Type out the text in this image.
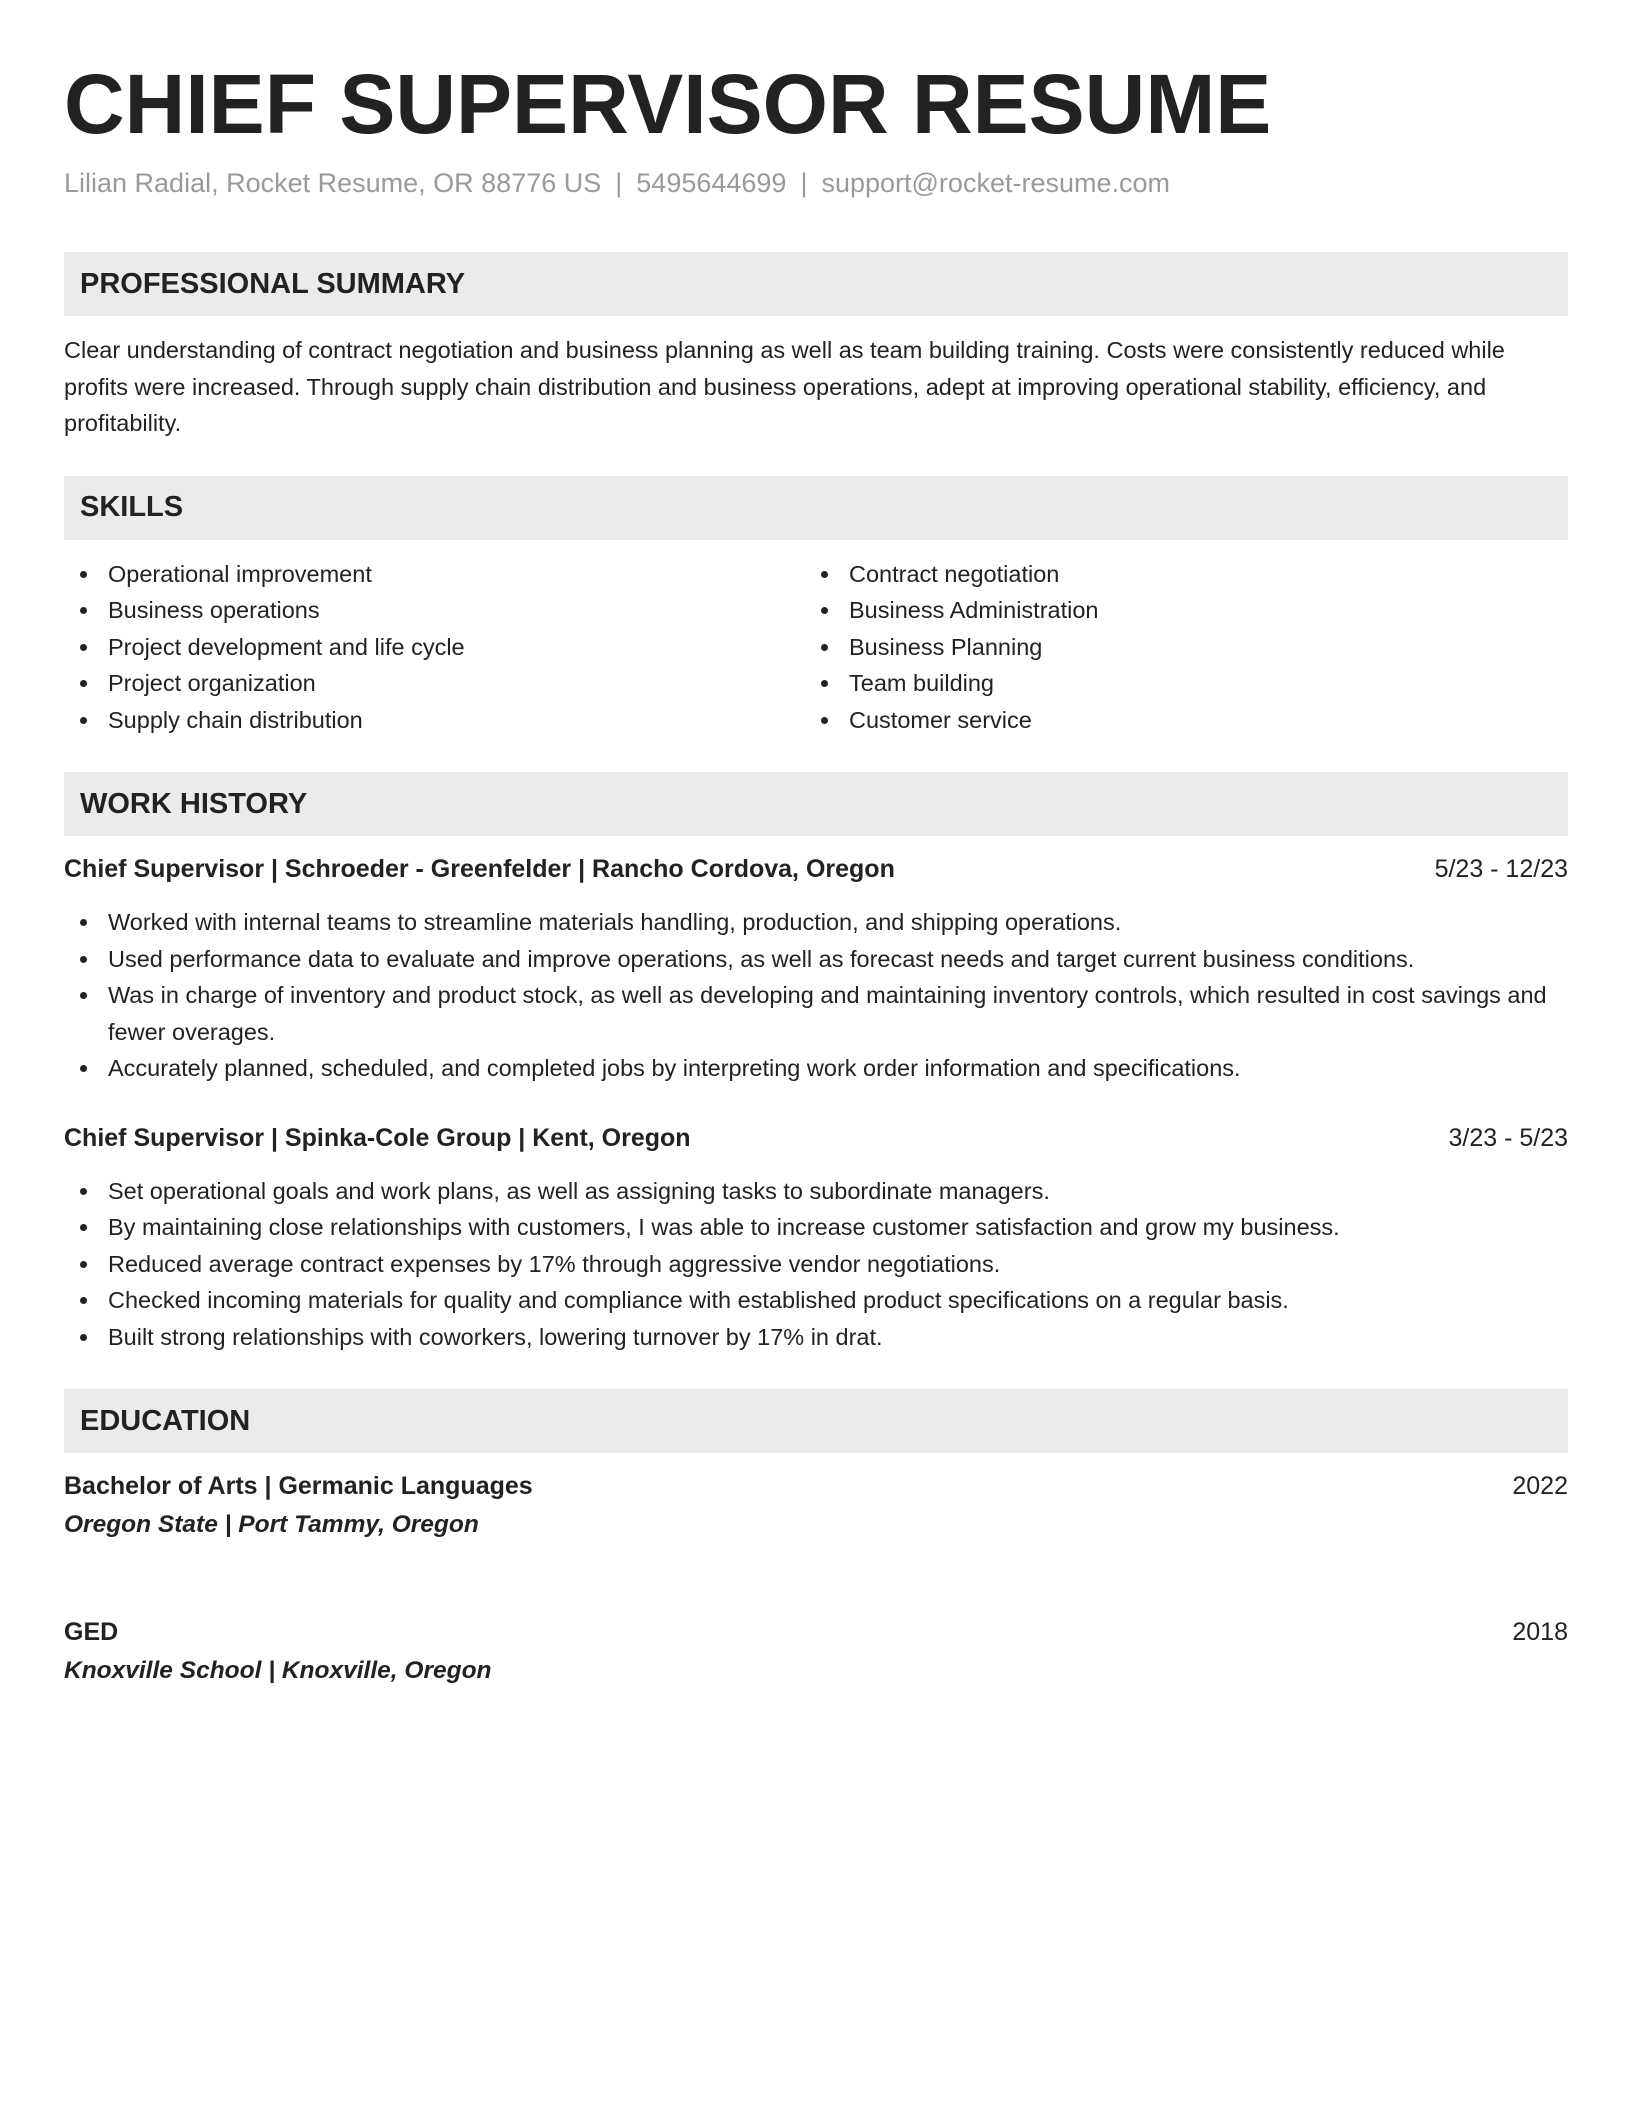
CHIEF SUPERVISOR RESUME
Lilian Radial, Rocket Resume, OR 88776 US | 5495644699 | support@rocket-resume.com
PROFESSIONAL SUMMARY
Clear understanding of contract negotiation and business planning as well as team building training. Costs were consistently reduced while profits were increased. Through supply chain distribution and business operations, adept at improving operational stability, efficiency, and profitability.
SKILLS
Operational improvement
Business operations
Project development and life cycle
Project organization
Supply chain distribution
Contract negotiation
Business Administration
Business Planning
Team building
Customer service
WORK HISTORY
Chief Supervisor | Schroeder - Greenfelder | Rancho Cordova, Oregon	5/23 - 12/23
Worked with internal teams to streamline materials handling, production, and shipping operations.
Used performance data to evaluate and improve operations, as well as forecast needs and target current business conditions.
Was in charge of inventory and product stock, as well as developing and maintaining inventory controls, which resulted in cost savings and fewer overages.
Accurately planned, scheduled, and completed jobs by interpreting work order information and specifications.
Chief Supervisor | Spinka-Cole Group | Kent, Oregon	3/23 - 5/23
Set operational goals and work plans, as well as assigning tasks to subordinate managers.
By maintaining close relationships with customers, I was able to increase customer satisfaction and grow my business.
Reduced average contract expenses by 17% through aggressive vendor negotiations.
Checked incoming materials for quality and compliance with established product specifications on a regular basis.
Built strong relationships with coworkers, lowering turnover by 17% in drat.
EDUCATION
Bachelor of Arts | Germanic Languages	2022
Oregon State | Port Tammy, Oregon
GED	2018
Knoxville School | Knoxville, Oregon
